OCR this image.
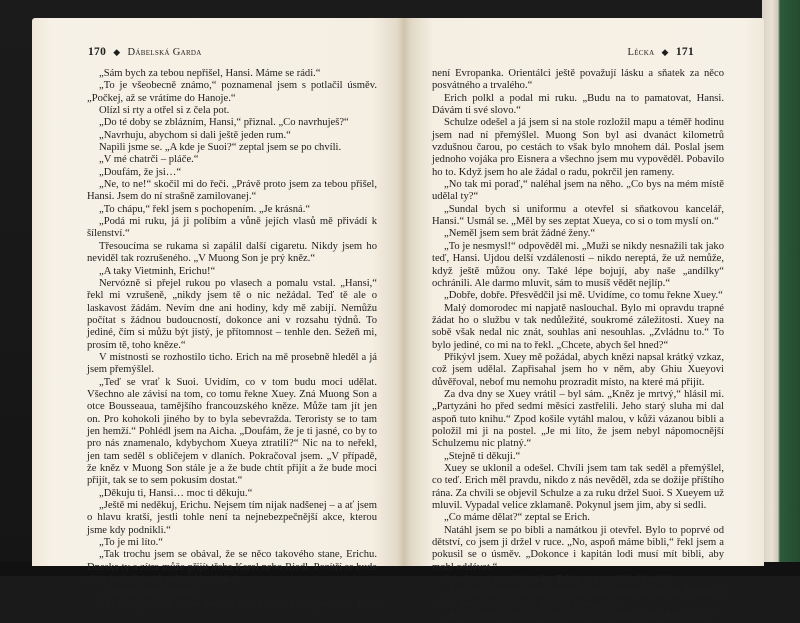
170 ◆ Dábelská Garda

„Sám bych za tebou nepřišel, Hansi. Máme se rádi.“

„To je všeobecně známo,“ poznamenal jsem s potlačil úsměv. „Počkej, až se vrátíme do Hanoje.“

Olízl si rty a otřel si z čela pot.

„Do té doby se zblázním, Hansi,“ přiznal. „Co navrhuješ?“

„Navrhuju, abychom si dali ještě jeden rum.“

Napili jsme se. „A kde je Suoi?“ zeptal jsem se po chvíli.

„V mé chatrči – pláče.“

„Doufám, že jsi…“

„Ne, to ne!“ skočil mi do řeči. „Právě proto jsem za tebou přišel, Hansi. Jsem do ní strašně zamilovanej.“

„To chápu,“ řekl jsem s pochopením. „Je krásná.“

„Podá mi ruku, já ji políbím a vůně jejích vlasů mě přivádí k šílenství.“

Třesoucíma se rukama si zapálil další cigaretu. Nikdy jsem ho neviděl tak rozrušeného. „V Muong Son je prý kněz.“

„A taky Vietminh, Erichu!“

Nervózně si přejel rukou po vlasech a pomalu vstal. „Hansi,“ řekl mi vzrušeně, „nikdy jsem tě o nic nežádal. Teď tě ale o laskavost žádám. Nevím dne ani hodiny, kdy mě zabijí. Nemůžu počítat s žádnou budoucností, dokonce ani v rozsahu týdnů. To jediné, čím si můžu být jistý, je přítomnost – tenhle den. Sežeň mi, prosím tě, toho kněze.“

V místnosti se rozhostilo ticho. Erich na mě prosebně hleděl a já jsem přemýšlel.

„Teď se vrať k Suoi. Uvidím, co v tom budu moci udělat. Všechno ale závisí na tom, co tomu řekne Xuey. Zná Muong Son a otce Bousseaua, tamějšího francouzského kněze. Může tam jít jen on. Pro kohokoli jiného by to byla sebevražda. Teroristy se to tam jen hemží.“ Pohlédl jsem na Aicha. „Doufám, že je ti jasné, co by to pro nás znamenalo, kdybychom Xueya ztratili?“ Nic na to neřekl, jen tam seděl s obličejem v dlaních. Pokračoval jsem. „V případě, že kněz v Muong Son stále je a že bude chtít přijít a že bude moci přijít, tak se to sem pokusím dostat.“

„Děkuju ti, Hansi… moc ti děkuju.“

„Ještě mi neděkuj, Erichu. Nejsem tím nijak nadšenej – a ať jsem o hlavu kratší, jestli tohle není ta nejnebezpečnější akce, kterou jsme kdy podnikli.“

„To je mi líto.“

„Tak trochu jsem se obával, že se něco takového stane, Erichu. Dneska ty a zítra může přijít třeba Karel nebo Riedl. Pozítří se bude chtít ženit Schenk nebo bůhví kdo.“

„Omlouvám se, Hansi.“

„To je v pořádku. Zatím buď na Suoi hodnej a nezapomínej, že to

Lécka ◆ 171

není Evropanka. Orientálci ještě považují lásku a sňatek za něco posvátného a trvalého.“

Erich polkl a podal mi ruku. „Budu na to pamatovat, Hansi. Dávám ti své slovo.“

Schulze odešel a já jsem si na stole rozložil mapu a téměř hodinu jsem nad ní přemýšlel. Muong Son byl asi dvanáct kilometrů vzdušnou čarou, po cestách to však bylo mnohem dál. Poslal jsem jednoho vojáka pro Eisnera a všechno jsem mu vypověděl. Pobavilo ho to. Když jsem ho ale žádal o radu, pokrčil jen rameny.

„No tak mi poraď,“ naléhal jsem na něho. „Co bys na mém místě udělal ty?“

„Sundal bych si uniformu a otevřel si sňatkovou kancelář, Hansi.“ Usmál se. „Měl by ses zeptat Xueya, co si o tom myslí on.“

„Neměl jsem sem brát žádné ženy.“

„To je nesmysl!“ odpověděl mi. „Muži se nikdy nesnažili tak jako teď, Hansi. Ujdou delší vzdálenosti – nikdo nereptá, že už nemůže, když ještě můžou ony. Také lépe bojují, aby naše „andílky“ ochránili. Ale darmo mluvit, sám to musíš vědět nejlíp.“

„Dobře, dobře. Přesvědčil jsi mě. Uvidíme, co tomu řekne Xuey.“

Malý domorodec mi napjatě naslouchal. Bylo mi opravdu trapné žádat ho o službu v tak nedůležité, soukromé záležitosti. Xuey na sobě však nedal nic znát, souhlas ani nesouhlas. „Zvládnu to.“ To bylo jediné, co mi na to řekl. „Chcete, abych šel hned?“

Přikývl jsem. Xuey mě požádal, abych knězi napsal krátký vzkaz, což jsem udělal. Zapřisahal jsem ho v něm, aby Ghiu Xueyovi důvěřoval, nebof mu nemohu prozradit místo, na které má přijít.

Za dva dny se Xuey vrátil – byl sám. „Kněz je mrtvý,“ hlásil mi. „Partyzáni ho před sedmi měsíci zastřelili. Jeho starý sluha mi dal aspoň tuto knihu.“ Zpod košile vytáhl malou, v kůži vázanou bibli a položil mi ji na postel. „Je mi líto, že jsem nebyl nápomocnější Schulzemu nic platný.“

„Stejně ti děkuji.“

Xuey se uklonil a odešel. Chvíli jsem tam tak seděl a přemýšlel, co teď. Erich měl pravdu, nikdo z nás nevěděl, zda se dožije příštího rána. Za chvíli se objevil Schulze a za ruku držel Suoi. S Xueyem už mluvil. Vypadal velice zklamaně. Pokynul jsem jim, aby si sedli.

„Co máme dělat?“ zeptal se Erich.

Natáhl jsem se po bibli a namátkou ji otevřel. Bylo to poprvé od dětství, co jsem ji držel v ruce. „No, aspoň máme bibli,“ řekl jsem a pokusil se o úsměv. „Dokonce i kapitán lodi musí mít bibli, aby mohl oddávat.“

Schulzemu zasvítily oči. „Takže ty to uděláš, Hansi?“

„Ale váš sňatek bude mít jen dočasnou platnost, Erichu. Dělám to stejně jenom kvůli Suoi. Nebude to legální.“

„To je jedno!“ vykřikl. „Pro nás to platit bude a pro Boha taky.“
